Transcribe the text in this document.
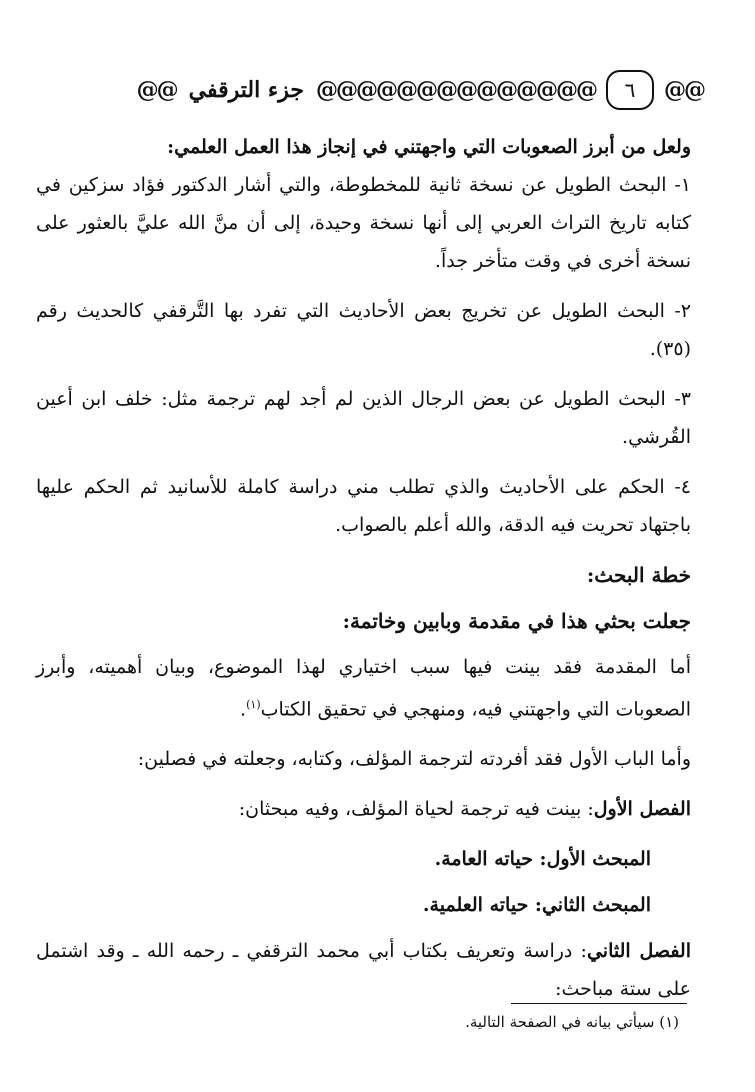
@@
٦
@@@@@@@@@@@@@@
جزء الترقفي
@@

ولعل من أبرز الصعوبات التي واجهتني في إنجاز هذا العمل العلمي:

١- البحث الطويل عن نسخة ثانية للمخطوطة، والتي أشار الدكتور فؤاد سزكين في كتابه تاريخ التراث العربي إلى أنها نسخة وحيدة، إلى أن منَّ الله عليَّ بالعثور على نسخة أخرى في وقت متأخر جداً.

٢- البحث الطويل عن تخريج بعض الأحاديث التي تفرد بها التَّرقفي كالحديث رقم (٣٥).

٣- البحث الطويل عن بعض الرجال الذين لم أجد لهم ترجمة مثل: خلف ابن أعين القُرشي.

٤- الحكم على الأحاديث والذي تطلب مني دراسة كاملة للأسانيد ثم الحكم عليها باجتهاد تحريت فيه الدقة، والله أعلم بالصواب.

خطة البحث:

جعلت بحثي هذا في مقدمة وبابين وخاتمة:

أما المقدمة فقد بينت فيها سبب اختياري لهذا الموضوع، وبيان أهميته، وأبرز الصعوبات التي واجهتني فيه، ومنهجي في تحقيق الكتاب$^{(١)}$.

وأما الباب الأول فقد أفردته لترجمة المؤلف، وكتابه، وجعلته في فصلين:

الفصل الأول: بينت فيه ترجمة لحياة المؤلف، وفيه مبحثان:

المبحث الأول: حياته العامة.

المبحث الثاني: حياته العلمية.

الفصل الثاني: دراسة وتعريف بكتاب أبي محمد الترقفي ـ رحمه الله ـ وقد اشتمل على ستة مباحث:

(١) سيأتي بيانه في الصفحة التالية.
